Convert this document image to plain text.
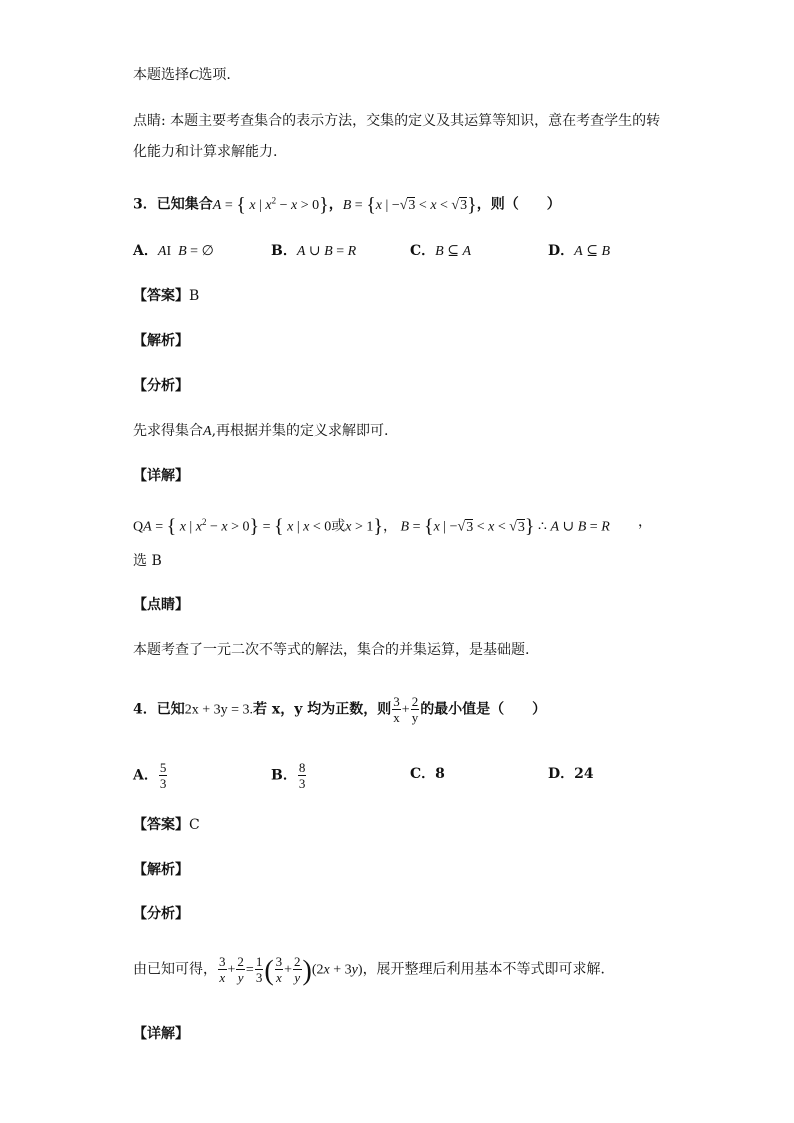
本题选择C选项.
点睛: 本题主要考查集合的表示方法，交集的定义及其运算等知识，意在考查学生的转
化能力和计算求解能力.
3．已知集合A = { x | $x^2 - x > 0$}，B = {x | −√3 < x < √3}，则（　　）
A．AI  B = ∅	B．A ∪ B = R	C．B ⊆ A	D．A ⊆ B
【答案】B
【解析】
【分析】
先求得集合A,再根据并集的定义求解即可.
【详解】
QA = { x | $x^2 - x > 0$} = { x | x < 0或x > 1}， B = {x | −√3 < x < √3} ∴ A ∪ B = R	，
选 B
【点睛】
本题考查了一元二次不等式的解法，集合的并集运算，是基础题.
4．已知2x + 3y = 3.若 x，y 均为正数，则 $\frac{3}{x} + \frac{2}{y}$ 的最小值是（　　）
A． $\frac{5}{3}$	B． $\frac{8}{3}$	C．8	D．24
【答案】C
【解析】
【分析】
由已知可得， $\frac{3}{x} + \frac{2}{y} = \frac{1}{3}$ ( $\frac{3}{x} + \frac{2}{y} )(2x + 3y)$，展开整理后利用基本不等式即可求解．
【详解】
